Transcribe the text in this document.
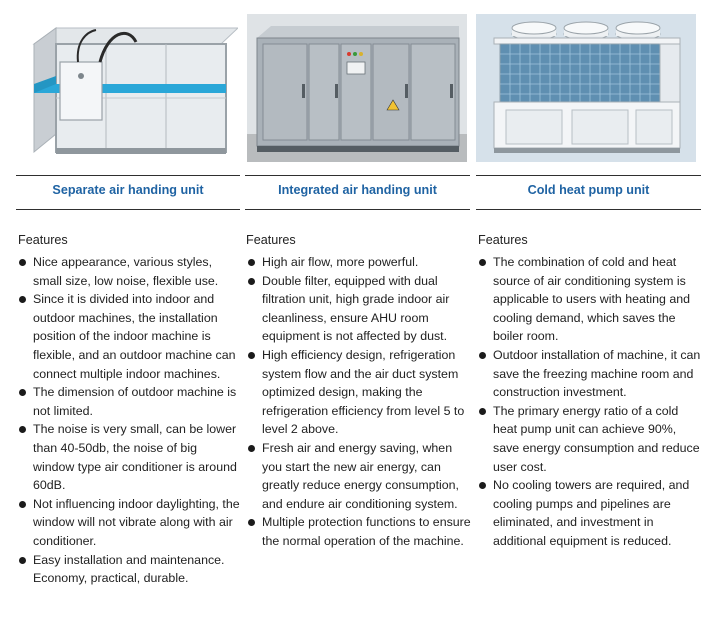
Separate air handing unit
Features
Nice appearance, various styles, small size, low noise, flexible use.
Since it is divided into indoor and outdoor machines, the installation position of the indoor machine is flexible, and an outdoor machine can connect multiple indoor machines.
The dimension of outdoor machine is not limited.
The noise is very small, can be lower than 40-50db, the noise of big window type air conditioner is around 60dB.
Not influencing indoor daylighting, the window will not vibrate along with air conditioner.
Easy installation and maintenance. Economy, practical, durable.
Integrated air handing unit
Features
High air flow, more powerful.
Double filter, equipped with dual filtration unit, high grade indoor air cleanliness, ensure AHU room equipment is not affected by dust.
High efficiency design, refrigeration system flow and the air duct system optimized design, making the refrigeration efficiency from level 5 to level 2 above.
Fresh air and energy saving, when you start the new air energy, can greatly reduce energy consumption, and endure air conditioning system.
Multiple protection functions to ensure the normal operation of the machine.
Cold heat pump unit
Features
The combination of cold and heat source of air conditioning system is applicable to users with heating and cooling demand, which saves the boiler room.
Outdoor installation of machine, it can save the freezing machine room and construction investment.
The primary energy ratio of a cold heat pump unit can achieve 90%, save energy consumption and reduce user cost.
No cooling towers are required, and cooling pumps and pipelines are eliminated, and investment in additional equipment is reduced.
